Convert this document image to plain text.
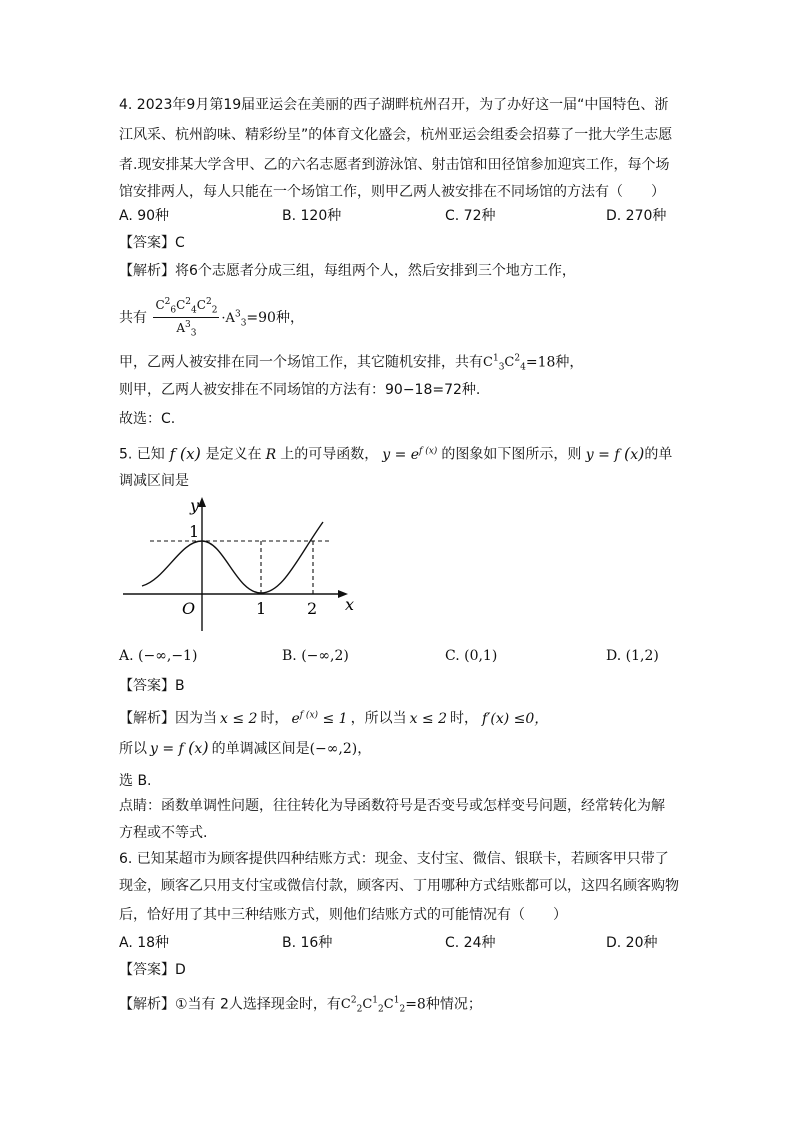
4. 2023年9月第19届亚运会在美丽的西子湖畔杭州召开，为了办好这一届“中国特色、浙
江风采、杭州韵味、精彩纷呈”的体育文化盛会，杭州亚运会组委会招募了一批大学生志愿
者.现安排某大学含甲、乙的六名志愿者到游泳馆、射击馆和田径馆参加迎宾工作，每个场
馆安排两人，每人只能在一个场馆工作，则甲乙两人被安排在不同场馆的方法有（　　）
A. 90种	B. 120种	C. 72种	D. 270种
【答案】C
【解析】将6个志愿者分成三组，每组两个人，然后安排到三个地方工作，
共有 $\frac{C^2_6C^2_4C^2_2}{A^3_3} \cdot A^3_3=90$种，
甲，乙两人被安排在同一个场馆工作，其它随机安排，共有$C^1_3C^2_4=18$种，
则甲，乙两人被安排在不同场馆的方法有：90−18=72种.
故选：C.
5. 已知 f (x) 是定义在 R 上的可导函数， $y = e^{f (x)}$ 的图象如下图所示，则 y = f (x)的单
调减区间是
y
x
O	1	2
1
A. (−∞,−1)	B. (−∞,2)	C. (0,1)	D. (1,2)
【答案】B
【解析】因为当 x ≤ 2 时， $e^{f (x)} \le 1$ ，所以当 x ≤ 2 时， f′(x) ≤0，
所以 y = f (x) 的单调减区间是(−∞,2)，
选 B.
点睛：函数单调性问题，往往转化为导函数符号是否变号或怎样变号问题，经常转化为解
方程或不等式.
6. 已知某超市为顾客提供四种结账方式：现金、支付宝、微信、银联卡，若顾客甲只带了
现金，顾客乙只用支付宝或微信付款，顾客丙、丁用哪种方式结账都可以，这四名顾客购物
后，恰好用了其中三种结账方式，则他们结账方式的可能情况有（　　）
A. 18种	B. 16种	C. 24种	D. 20种
【答案】D
【解析】①当有 2人选择现金时，有$C^2_2C^1_2C^1_2=8$种情况；
